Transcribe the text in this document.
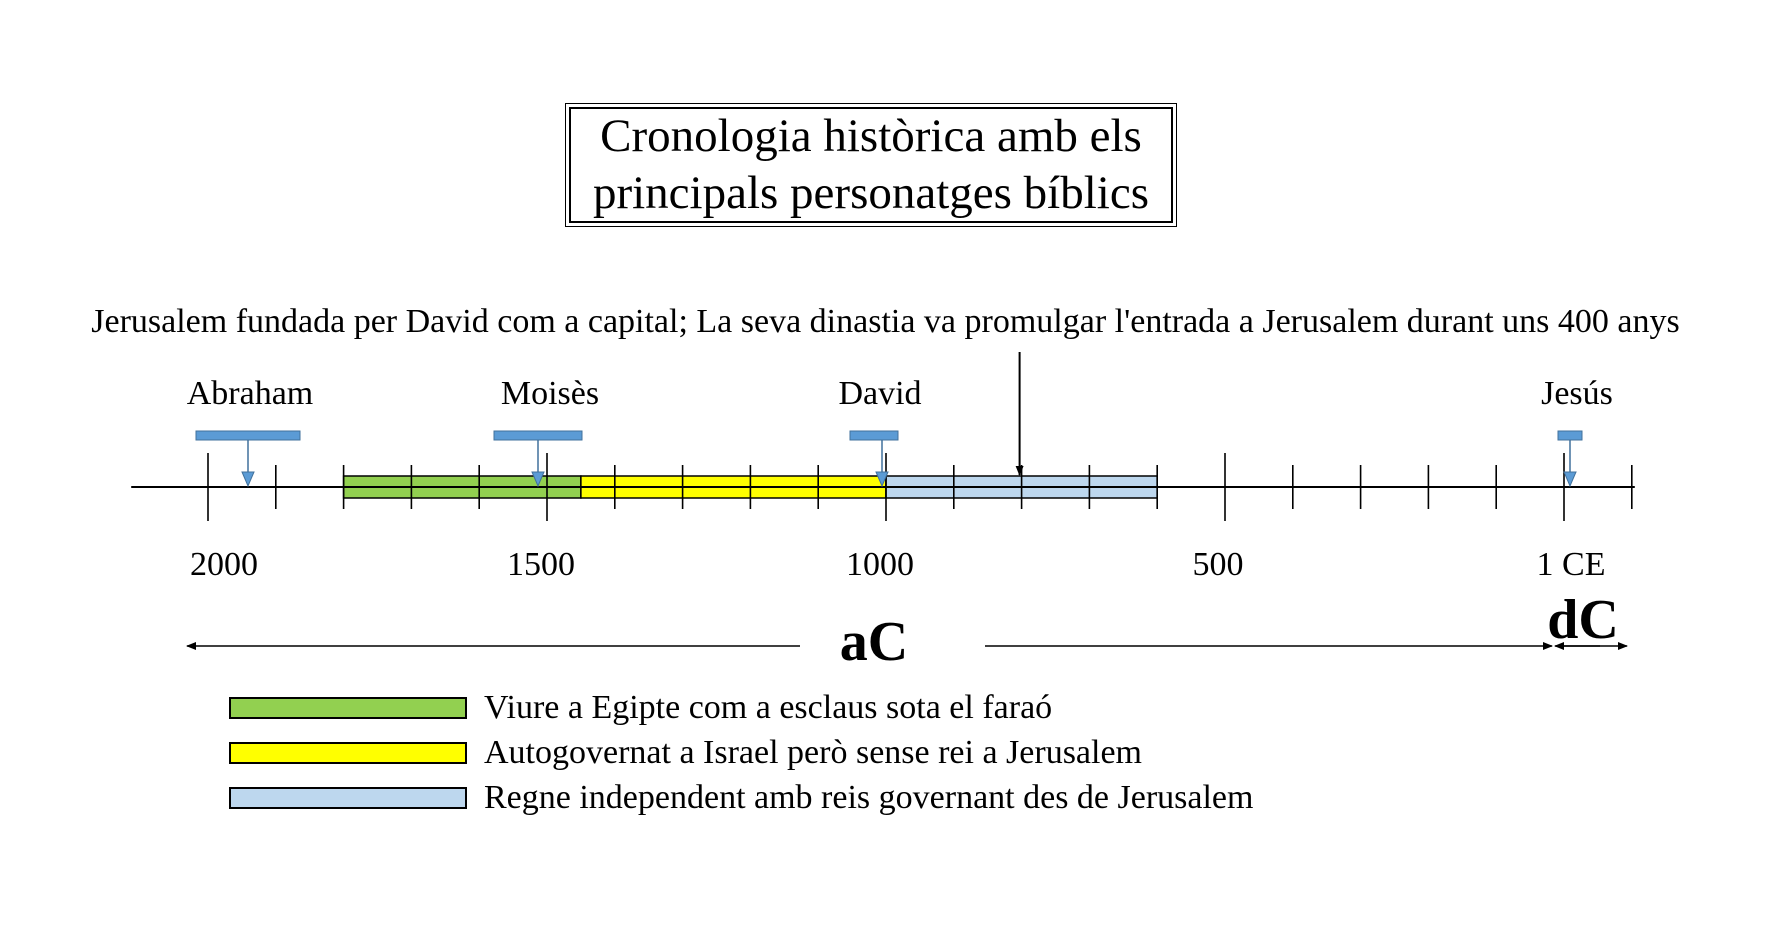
Cronologia històrica amb els
principals personatges bíblics
Jerusalem fundada per David com a capital; La seva dinastia va promulgar l'entrada a Jerusalem durant uns 400 anys
Abraham	Moisès	David	Jesús
2000	1500	1000	500	1 CE
aC	dC
Viure a Egipte com a esclaus sota el faraó
Autogovernat a Israel però sense rei a Jerusalem
Regne independent amb reis governant des de Jerusalem
